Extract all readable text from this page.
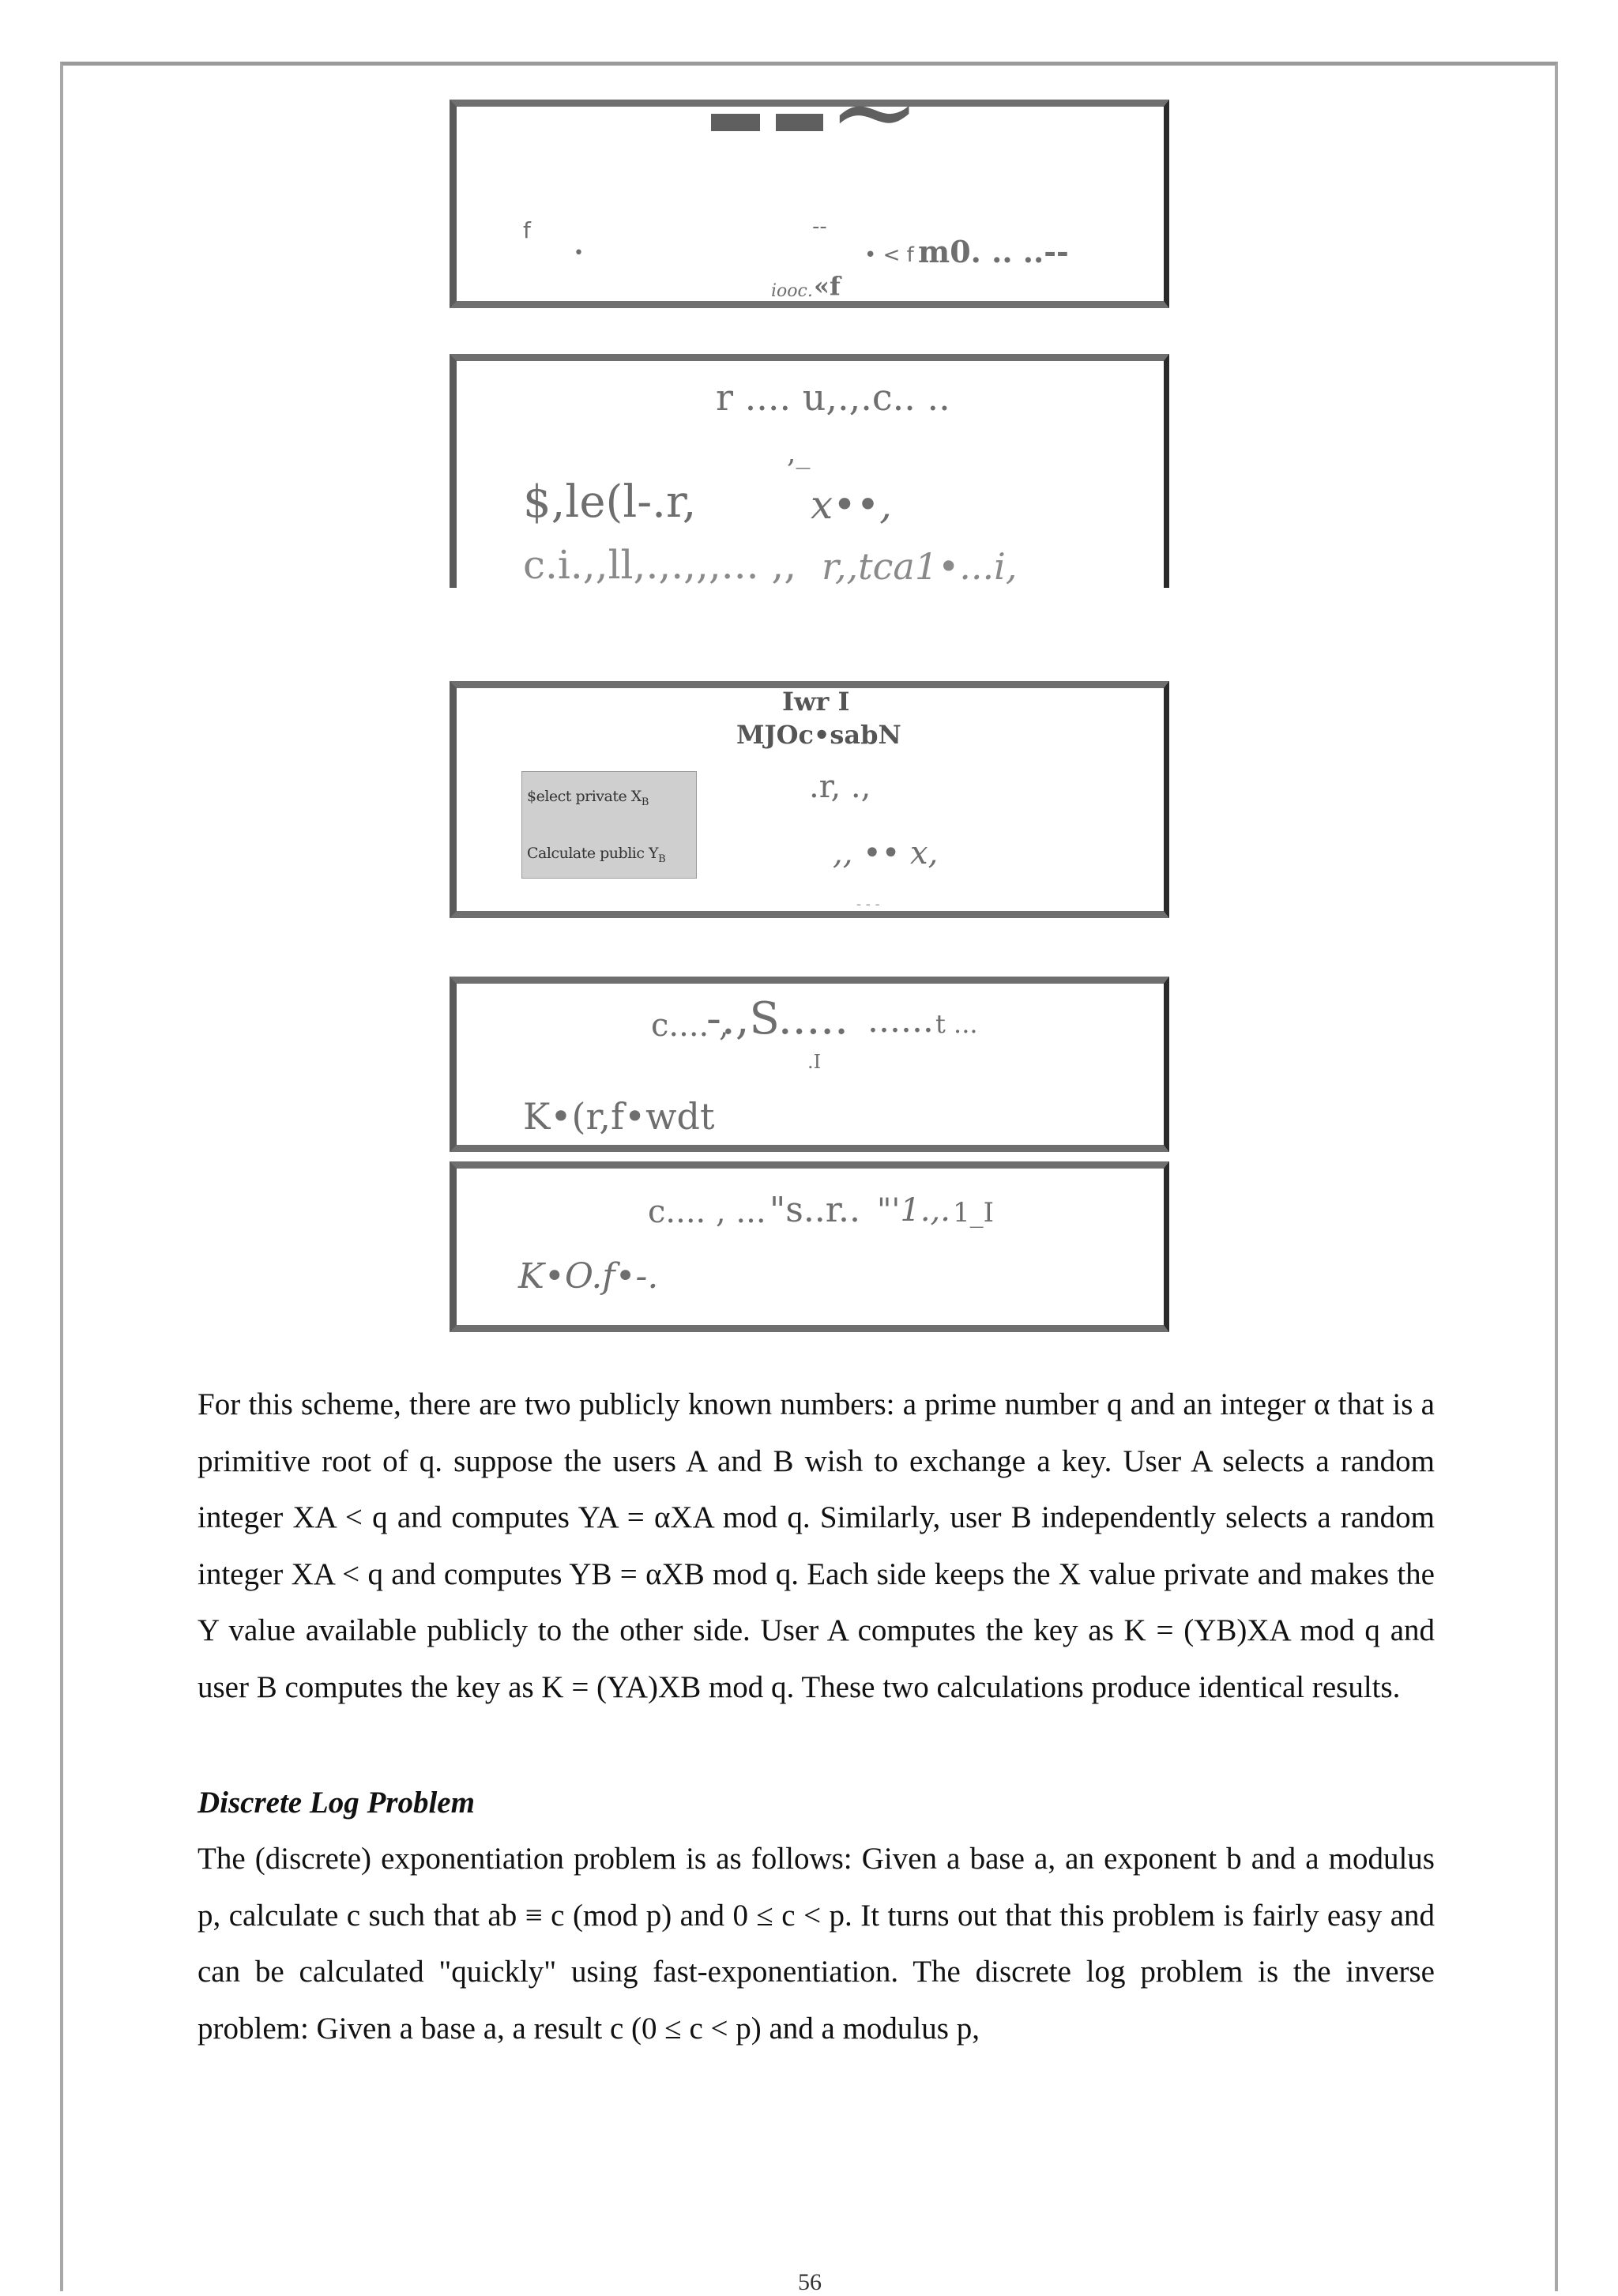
~
f	--
•	• < f m0. .. ..--
iooc. «f
r .... u,.,.c.. ..
,_
$,le(l-.r,	x••,
c.i.,,ll,.,.,,,... ,, r,,tca1•...i,
Iwr I
MJOc•sabN
$elect private $X_B$
Calculate public $Y_B$
.r, .,
,, •• x,
- - -
c.... ,
-.,S..... ...... t ...
.I
K•(r,f•wdt
c.... , ... "s..r.. "'1.,. 1_I
K•O.f•-.

For this scheme, there are two publicly known numbers: a prime number q and an integer α that is a primitive root of q. suppose the users A and B wish to exchange a key. User A selects a random integer XA < q and computes YA = αXA mod q. Similarly, user B independently selects a random integer XA < q and computes YB = αXB mod q. Each side keeps the X value private and makes the Y value available publicly to the other side. User A computes the key as K = (YB)XA mod q and user B computes the key as K = (YA)XB mod q. These two calculations produce identical results.

Discrete Log Problem

The (discrete) exponentiation problem is as follows: Given a base a, an exponent b and a modulus p, calculate c such that ab ≡ c (mod p) and 0 ≤ c < p. It turns out that this problem is fairly easy and can be calculated "quickly" using fast-exponentiation. The discrete log problem is the inverse problem: Given a base a, a result c (0 ≤ c < p) and a modulus p,

56
